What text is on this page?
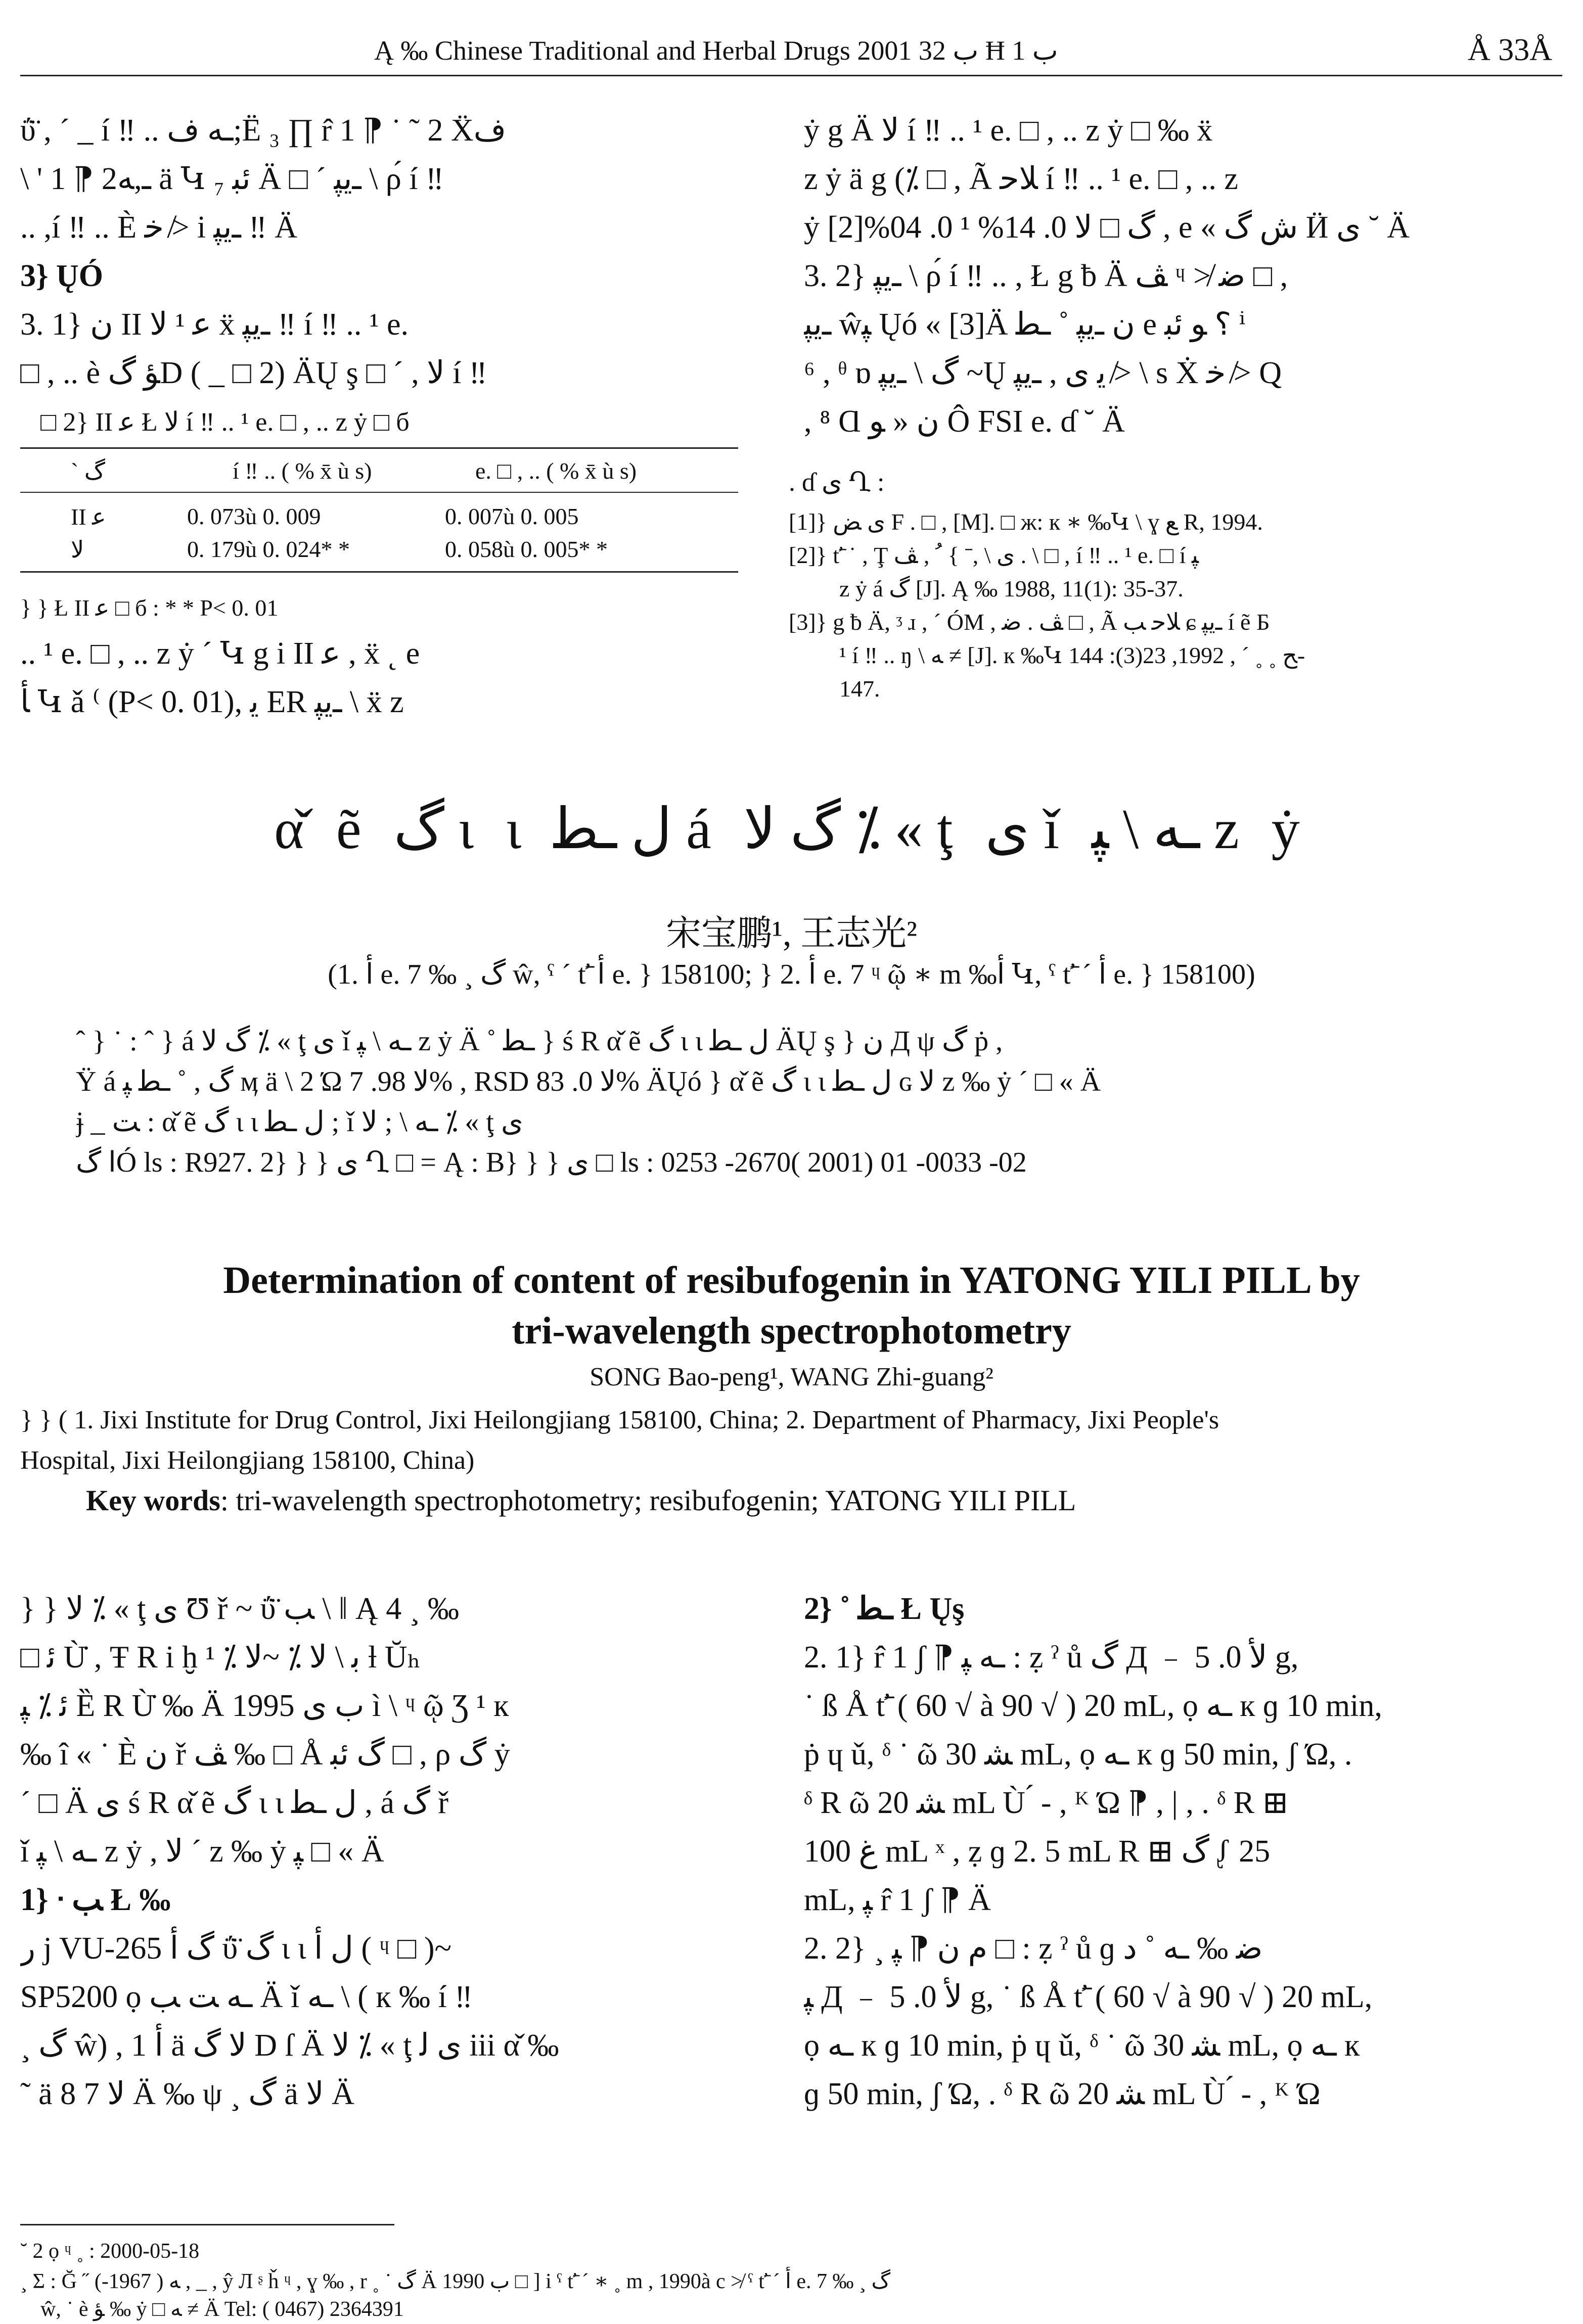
Ą ‰ Chinese Traditional and Herbal Drugs 2001 ب 32 Ħ ب 1	Å 33Å
ΰ̈ , ´ _ í ‼ .. ـﻪ ﻑ;Ë ₃ ∏ r̂ 1 ⁋ ˙ ˜ 2 Ẍﻑ
\ ' 1 ⁋ 2ـ,ﻪ ä Կ ₇ ﺋﺒ Ä □ ´ ـﻳﭙ \ ρ́ í ‼
.. ,í ‼ .. È ﺧ ≯ і ـﻳﭙ ‼ Ä
3} ŲÓ
3. 1} ﻥ ΙΙ ﻋ ¹ ﻻ ẍ ـﻳﭙ ‼ í ‼ .. ¹ e.
□ , .. è ﺆ گD ( _ □ 2) ÄŲ ş □ ´ , ﻻ í ‼
□ 2} ΙΙ ﻋ Ł ﻻ í ‼ .. ¹ e. □ , .. z ẏ □ б
ˋ گ	í ‼ .. ( % x̄ ù s)	e. □ , .. ( % x̄ ù s)
ΙΙ ﻋ	0. 073ù 0. 009	0. 007ù 0. 005
ﻻ	0. 179ù 0. 024* *	0. 058ù 0. 005* *
} } Ł ΙΙ ﻋ □ б : * * P< 0. 01
.. ¹ e. □ , .. z ẏ ´ Կ g і ΙΙ ﻋ , ẍ ˛ e
ﺄ Կ ǎ ⁽ (P< 0. 01), ﻳ ER ـﻳﭙ \ ẍ z
ẏ g Ä ﻻ í ‼ .. ¹ e. □ , .. z ẏ □ ‰ ẍ
z ẏ ä g (⁒ □ , Ã ﻼﺣ í ‼ .. ¹ e. □ , .. z
ẏ گ □ ﻻ 0. 14% ¹ 0. 04%[2] , e « ﺵ گ Ӥ ﯼ ˘ Ä
3. 2} ـﻳﭙ \ ρ́ í ‼ .. , Ł g ƀ Ä ﭫ ᶣ ≯ ﺿ □ ,
ـﻳﭙ ŵﭙ Ųó « [3]Ä ﻥ ـﻳﭙ ˚ ـﻄ e ؟ ﻮ ﺋﺒ ⁱ
⁶ , ᶿ ɒ گ \ ـﻳﭙ ~Ų ﻳ ﯼ , ـﻳﭙ ≯ \ s Ẋ ﺧ ≯ Q
, ⁸ Ɑ ﻥ « ﻮ Ô FSI e. ɗ ˘ Ä
. ɗ ﯼ Ղ :
[1]} ﯼ ﺾ F . □ , [M]. □ ж: к ∗ ‰Կ \ ɣ ﻊ R, 1994.
[2]} ť̄ ˙ , Ţ ﯼ \ ,ˉ } ﹸ , ﭫ . \ □ , í ‼ .. ¹ e. □ í ﭙ
z ẏ á گ [J]. Ą ‰ 1988, 11(1): 35-37.
[3]} g ƀ Ä, ᶾ ɹ , ´ ÓΜ , ﭫ . ﺿ □ , Ã ﻼﺣ ﺐ ɕ ـﻳﭙ í ẽ Б
¹ í ‼ .. ŋ \ ﻪ ≠ [J]. к ‰Կ ﺢ ˳ ˳ ´ , 1992, 23(3): 144-
147.
α̌ ẽ گ ι ι ﻝ ـﻄ á گ ﻻ ⁒ « ţ ﯼ ǐ ـﻪ \ ﭙ z ẏ
宋宝鹏¹, 王志光²
(1. ﺃ e. 7 ‰ ¸ گ ŵ, ˤ ´ ť̄ ﺃ e. } 158100; } 2. ﺃ e. 7 ᶣ ῷ ∗ m ‰ﺃ Կ, ˤ ť̄ ´ ﺃ e. } 158100)
ˆ } ˙ : ˆ } á گ ﻻ ⁒ « ţ ﯼ ǐ ـﻪ \ ﭙ z ẏ Ä ˚ ـﻄ } ś R α̌ ẽ گ ι ι ﻝ ـﻄ ÄŲ ş } ﻥ Д ψ گ ṗ ,
Ÿ á گ , ˚ ـﻄ ﭙ ӎ ä \ 2 Ώ ﻻ 98. 7% , RSD ﻻ 0. 83% ÄŲó } α̌ ẽ گ ι ι ﻝ ـﻄ ɢ ﻻ z ‰ ẏ ´ □ « Ä
ɉ _ ﺖ : α̌ ẽ گ ι ι ﻝ ـﻄ ; ǐ ـﻪ \ ; ﻻ ⁒ « ţ ﯼ
ﺍ گÓ ls : R927. 2} } } ﯼ Ղ □ = Ą : B} } } ﯼ □ ls : 0253 -2670( 2001) 01 -0033 -02
Determination of content of resibufogenin in YATONG YILI PILL by
tri-wavelength spectrophotometry
SONG Bao-peng¹, WANG Zhi-guang²
} } ( 1. Jixi Institute for Drug Control, Jixi Heilongjiang 158100, China; 2. Department of Pharmacy, Jixi People's
Hospital, Jixi Heilongjiang 158100, China)
Key words: tri-wavelength spectrophotometry; resibufogenin; YATONG YILI PILL
} } ﻻ ⁒ « ţ ﯼ Ʊ ř ~ ΰ̈ ﺐ \ ‖ Ą 4 ¸ ‰
□ ﺋ Ù̇ , Ŧ R і ḫ ﺑ \ ﻻ ⁒ ~ﻻ ⁒ ¹ ƚ Ŭₕ
ﺋ ⁒ ﭙ Ȅ R Ù̇ ‰ Ä 1995 ب ﯼ ì \ ᶣ ῷ Ʒ ¹ к
‰ î « ˙ È ﻥ ř ﭫ ‰ □ Å گ ﺋﺒ □ , ρ گ ẏ
´ □ Ä ﯼ ś R α̌ ẽ گ ι ι ﻝ ـﻄ , á گ ř
ǐ ـﻪ \ ﭙ z ẏ , ﻻ ´ z ‰ ẏ ﭙ □ « Ä
1} ᐧ ﺐ Ł ‰
ﺭ j VU-265 گ ﺃ ΰ̈ گ ι ι ﻝ ﺃ ( ᶣ □ )~
SP5200 ọ ـﻪ ﺖ ﺐ Ä ǐ ـﻪ \ ( к ‰ í ‼
¸ گ ŵ) , 1 ﺃ ä ﻻ گ D ſ Ä ﻻ ⁒ « ţ ﯼ ﻟ iii α̌ ‰
˜ ä ﻻ 7 8 Ä ‰ ψ ¸ گ ä ﻻ Ä
2} ˚ ـﻄ Ł Ųş
2. 1} r̂ 1 ʃ ⁋ ـﻪ ﭙ : ẓ ˀ ů گ Д ﹣ ﻷ 0. 5 g,
˙ ß Å ť̄ ( 60 √ à 90 √ ) 20 mL, ọ ـﻪ к ɡ 10 min,
ṗ ɥ ǔ, ᵟ ˙ ῶ ﺸ 30 mL, ọ ـﻪ к ɡ 50 min, ʃ Ώ, .
ᵟ R ῶ ﺸ 20 mL Ù ́ - , ᴷ Ώ ⁋ , | , . ᵟ R ⊞
ﻍ 100 mL ˣ , ẓ ɡ 2. 5 mL R ⊞ گ ᶘ 25
mL, ﭙ r̂ 1 ʃ ⁋ Ä
2. 2} ¸ ﻡ ﻥ ⁋ ﭙ □ : ẓ ˀ ů ɡ ﺿ ‰ ـﻪ ˚ ﺩ
ﭙ Д ﹣ ﻷ 0. 5 g, ˙ ß Å ť̄ ( 60 √ à 90 √ ) 20 mL,
ọ ـﻪ к ɡ 10 min, ṗ ɥ ǔ, ᵟ ˙ ῶ ﺸ 30 mL, ọ ـﻪ к
ɡ 50 min, ʃ Ώ, . ᵟ R ῶ ﺸ 20 mL Ù ́ - , ᴷ Ώ
˘ 2 ọ ᶣ ˳ : 2000-05-18
¸ Ʃ : Ğ ˝ ﻪ ( 1967-) , _ , ŷ Л ᶳ ȟ ᶣ , ɣ ‰ , r ˳ ˙ گ Ä 1990 ب □ ] і ˤ ť̄ ´ ∗ ˳ m , 1990à c ≯ ˤ ť̄ ´ ﺃ e. 7 ‰ ¸ گ
ŵ, ˙ è ﺆ ‰ ẏ □ ﻪ ≠ Ä Tel: ( 0467) 2364391
